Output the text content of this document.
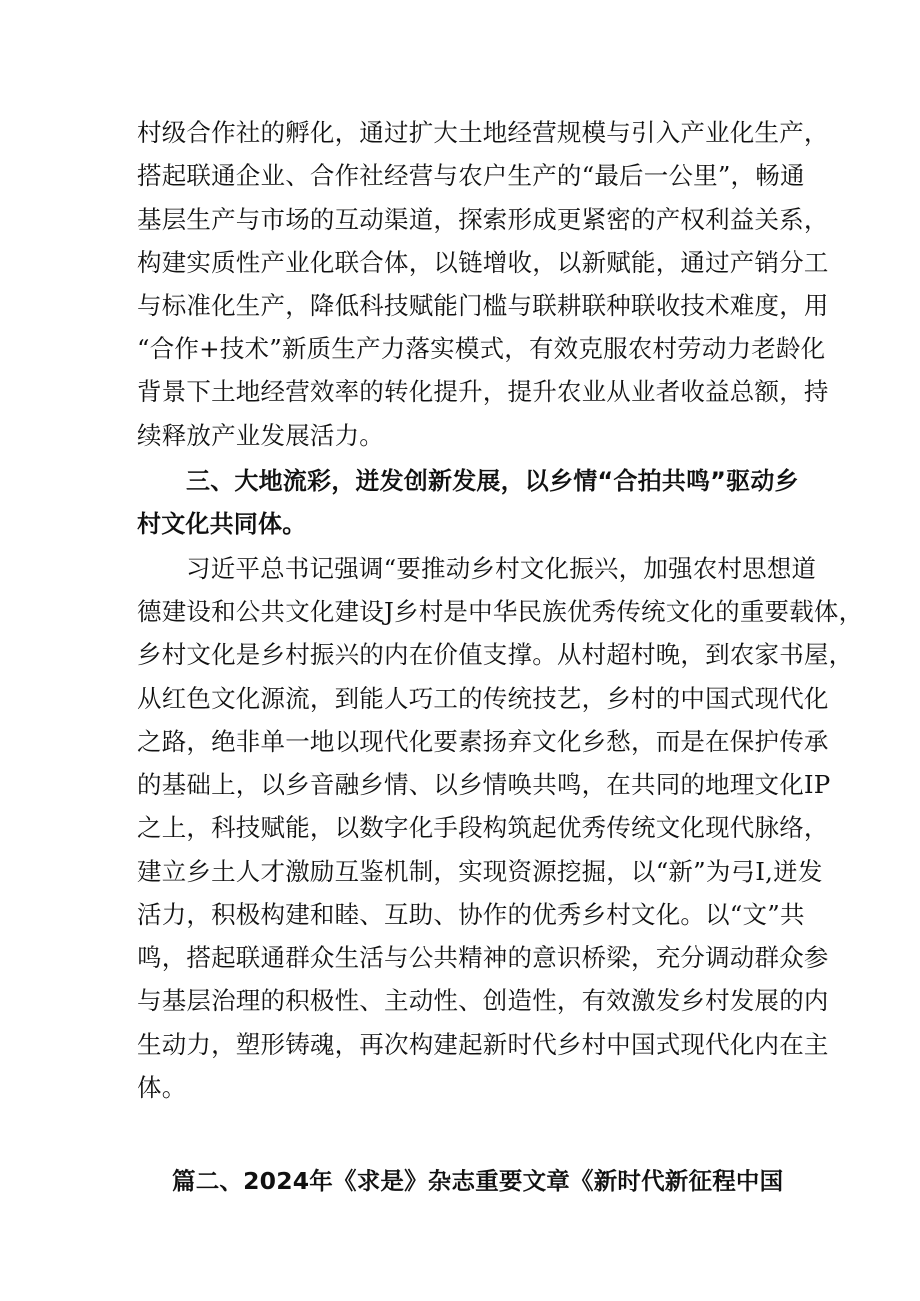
村级合作社的孵化，通过扩大土地经营规模与引入产业化生产，
搭起联通企业、合作社经营与农户生产的“最后一公里”，畅通
基层生产与市场的互动渠道，探索形成更紧密的产权利益关系，
构建实质性产业化联合体，以链增收，以新赋能，通过产销分工
与标准化生产，降低科技赋能门槛与联耕联种联收技术难度，用
“合作+技术”新质生产力落实模式，有效克服农村劳动力老龄化
背景下土地经营效率的转化提升，提升农业从业者收益总额，持
续释放产业发展活力。
三、大地流彩，迸发创新发展，以乡情“合拍共鸣”驱动乡
村文化共同体。
习近平总书记强调“要推动乡村文化振兴，加强农村思想道
德建设和公共文化建设J乡村是中华民族优秀传统文化的重要载体，
乡村文化是乡村振兴的内在价值支撑。从村超村晚，到农家书屋，
从红色文化源流，到能人巧工的传统技艺，乡村的中国式现代化
之路，绝非单一地以现代化要素扬弃文化乡愁，而是在保护传承
的基础上，以乡音融乡情、以乡情唤共鸣，在共同的地理文化IP
之上，科技赋能，以数字化手段构筑起优秀传统文化现代脉络，
建立乡土人才激励互鉴机制，实现资源挖掘，以“新”为弓I,迸发
活力，积极构建和睦、互助、协作的优秀乡村文化。以“文”共
鸣，搭起联通群众生活与公共精神的意识桥梁，充分调动群众参
与基层治理的积极性、主动性、创造性，有效激发乡村发展的内
生动力，塑形铸魂，再次构建起新时代乡村中国式现代化内在主
体。
篇二、2024年《求是》杂志重要文章《新时代新征程中国
